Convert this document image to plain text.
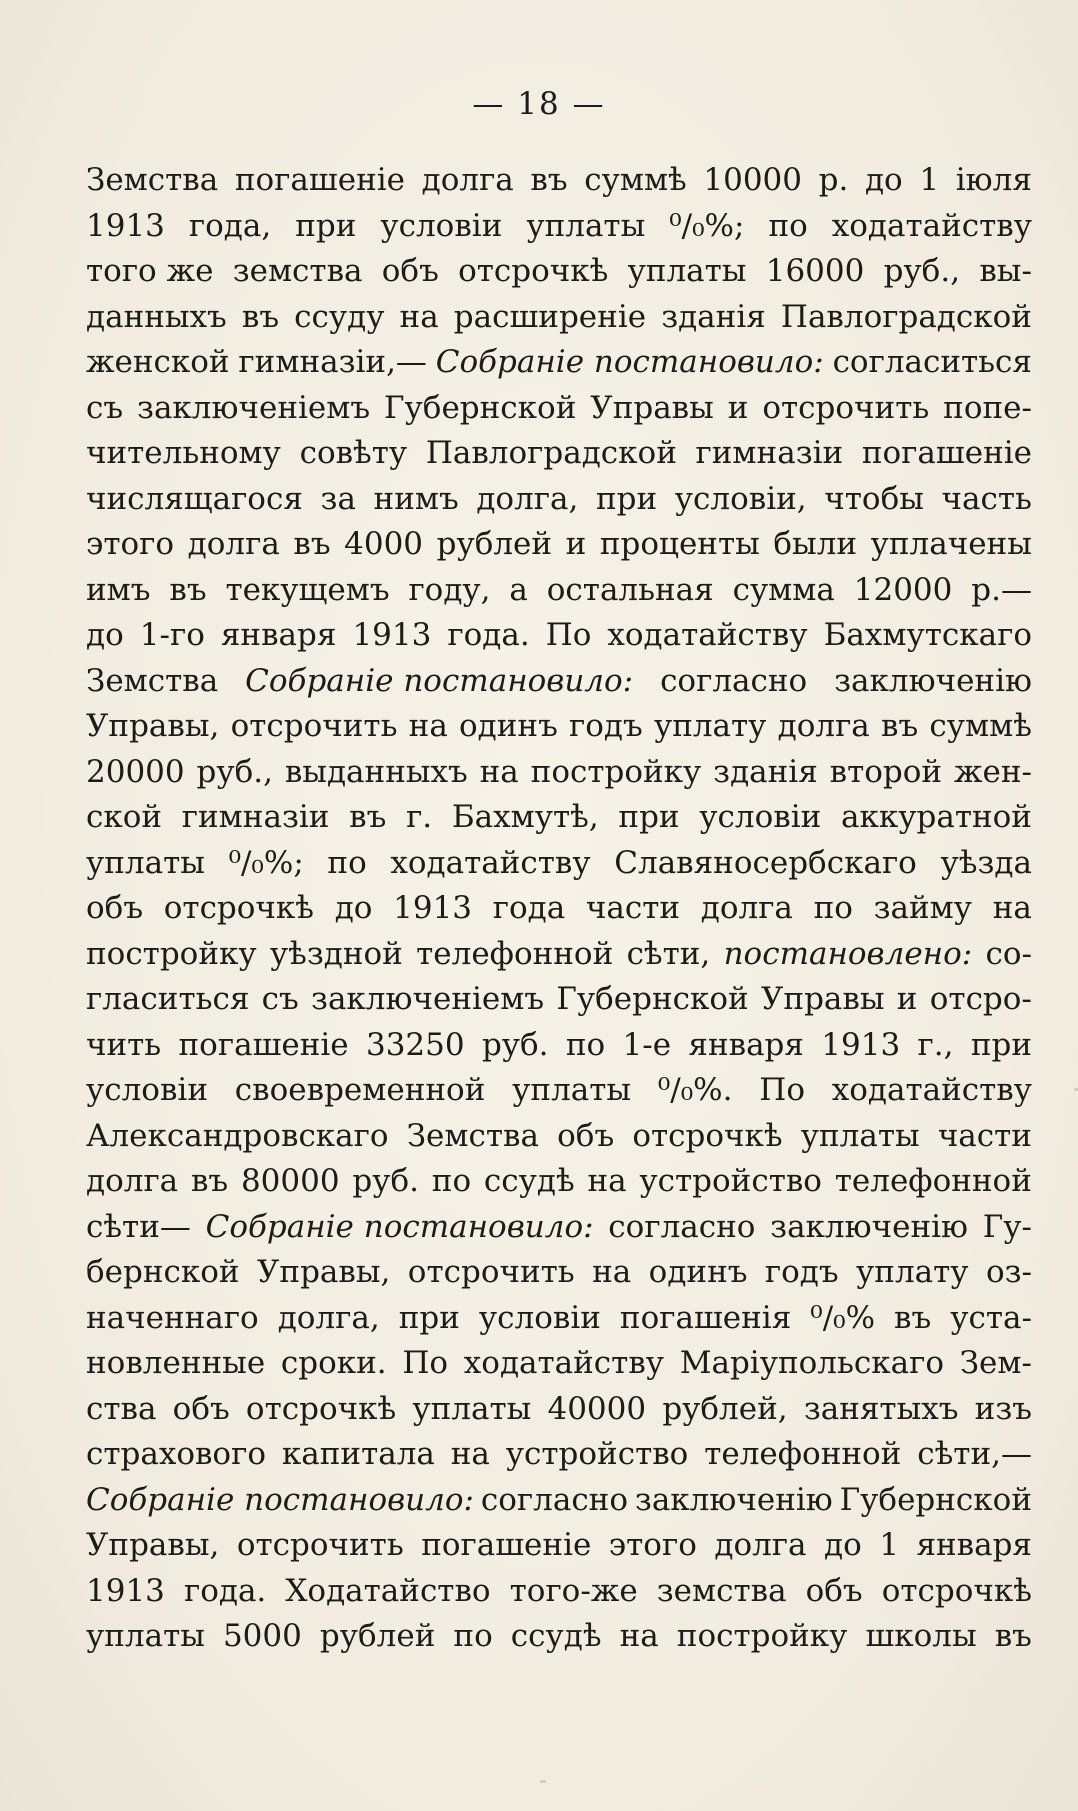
— 18 —
Земства погашеніе долга въ суммѣ 10000 р. до 1 іюля
1913 года, при условіи уплаты ⁰/₀%; по ходатайству
того же земства объ отсрочкѣ уплаты 16000 руб., вы-
данныхъ въ ссуду на расширеніе зданія Павлоградской
женской гимназіи,— Собраніе постановило: согласиться
съ заключеніемъ Губернской Управы и отсрочить попе-
чительному совѣту Павлоградской гимназіи погашеніе
числящагося за нимъ долга, при условіи, чтобы часть
этого долга въ 4000 рублей и проценты были уплачены
имъ въ текущемъ году, а остальная сумма 12000 р.—
до 1-го января 1913 года. По ходатайству Бахмутскаго
Земства Собраніе постановило: согласно заключенію
Управы, отсрочить на одинъ годъ уплату долга въ суммѣ
20000 руб., выданныхъ на постройку зданія второй жен-
ской гимназіи въ г. Бахмутѣ, при условіи аккуратной
уплаты ⁰/₀%; по ходатайству Славяносербскаго уѣзда
объ отсрочкѣ до 1913 года части долга по займу на
постройку уѣздной телефонной сѣти, постановлено: со-
гласиться съ заключеніемъ Губернской Управы и отсро-
чить погашеніе 33250 руб. по 1-е января 1913 г., при
условіи своевременной уплаты ⁰/₀%. По ходатайству
Александровскаго Земства объ отсрочкѣ уплаты части
долга въ 80000 руб. по ссудѣ на устройство телефонной
сѣти— Собраніе постановило: согласно заключенію Гу-
бернской Управы, отсрочить на одинъ годъ уплату оз-
наченнаго долга, при условіи погашенія ⁰/₀% въ уста-
новленные сроки. По ходатайству Маріупольскаго Зем-
ства объ отсрочкѣ уплаты 40000 рублей, занятыхъ изъ
страхового капитала на устройство телефонной сѣти,—
Собраніе постановило: согласно заключенію Губернской
Управы, отсрочить погашеніе этого долга до 1 января
1913 года. Ходатайство того-же земства объ отсрочкѣ
уплаты 5000 рублей по ссудѣ на постройку школы въ
